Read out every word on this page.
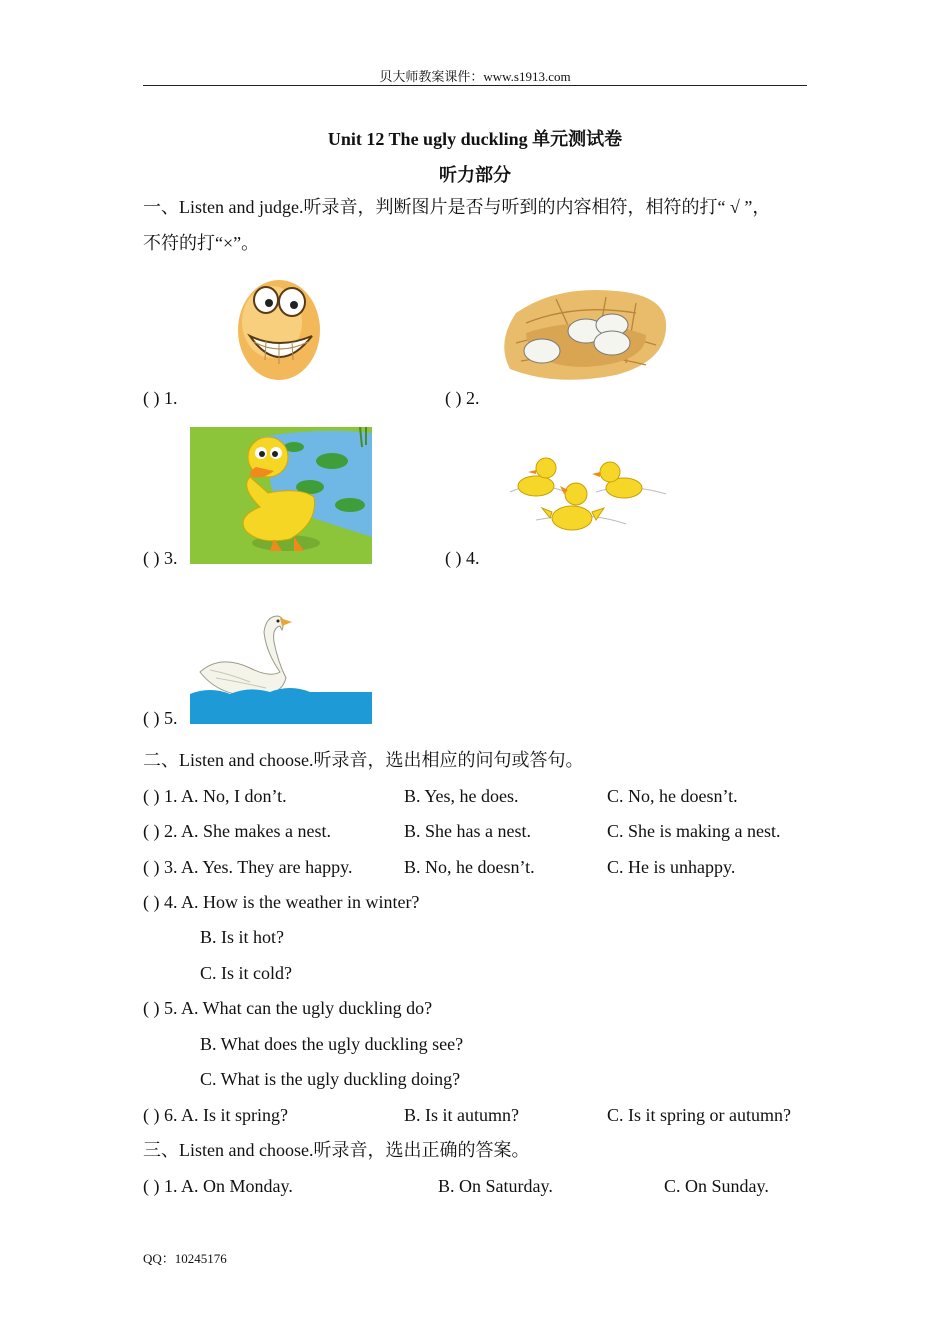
贝大师教案课件：www.s1913.com
Unit 12 The ugly duckling 单元测试卷
听力部分
一、Listen and judge.听录音，判断图片是否与听到的内容相符，相符的打“ √ ”，
不符的打“×”。
( ) 1.	( ) 2.
( ) 3.	( ) 4.
( ) 5.
二、Listen and choose.听录音，选出相应的问句或答句。
( ) 1. A. No, I don’t.	B. Yes, he does.	C. No, he doesn’t.
( ) 2. A. She makes a nest.	B. She has a nest.	C. She is making a nest.
( ) 3. A. Yes. They are happy.	B. No, he doesn’t.	C. He is unhappy.
( ) 4. A. How is the weather in winter?
B. Is it hot?
C. Is it cold?
( ) 5. A. What can the ugly duckling do?
B. What does the ugly duckling see?
C. What is the ugly duckling doing?
( ) 6. A. Is it spring?	B. Is it autumn?	C. Is it spring or autumn?
三、Listen and choose.听录音，选出正确的答案。
( ) 1. A. On Monday.	B. On Saturday.	C. On Sunday.
QQ：10245176
